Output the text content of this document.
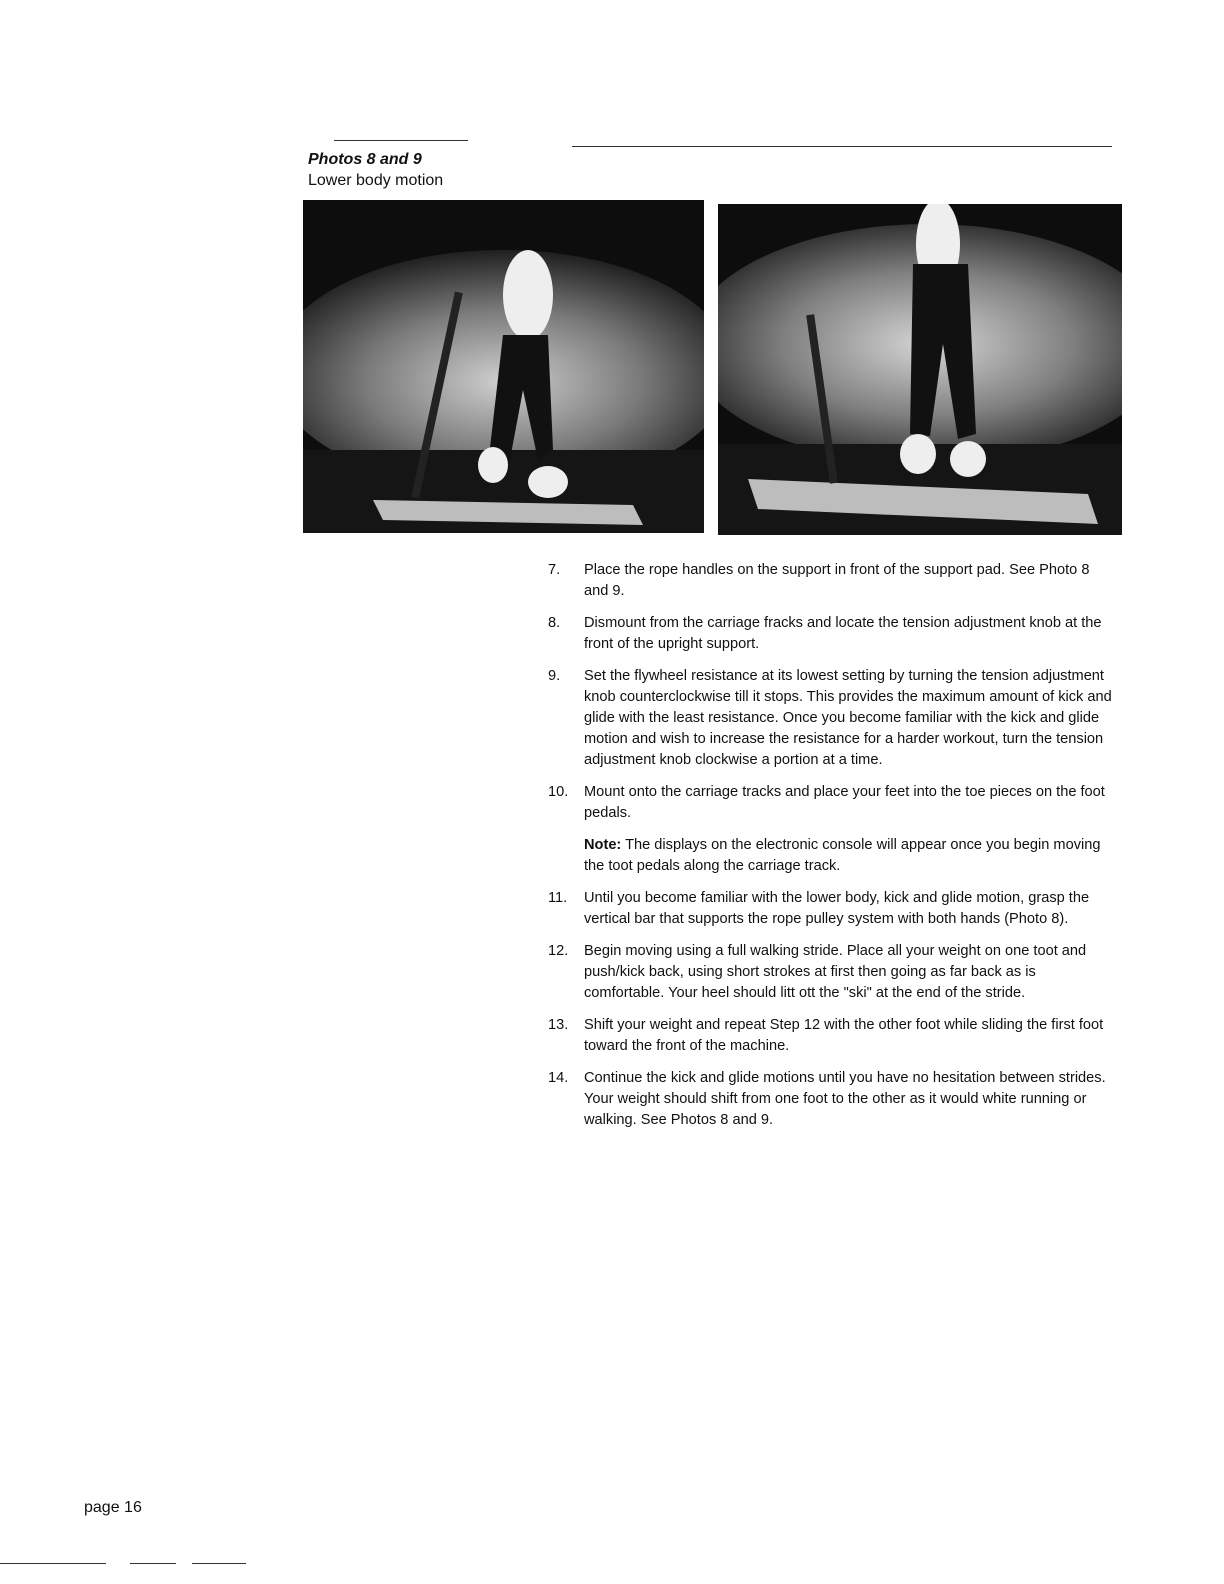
Photos 8 and 9

Lower body motion

7. Place the rope handles on the support in front of the support pad. See Photo 8 and 9.
8. Dismount from the carriage fracks and locate the tension adjustment knob at the front of the upright support.
9. Set the flywheel resistance at its lowest setting by turning the tension adjustment knob counterclockwise till it stops. This provides the maximum amount of kick and glide with the least resistance. Once you become familiar with the kick and glide motion and wish to increase the resistance for a harder workout, turn the tension adjustment knob clockwise a portion at a time.
10. Mount onto the carriage tracks and place your feet into the toe pieces on the foot pedals.
Note: The displays on the electronic console will appear once you begin moving the toot pedals along the carriage track.
11. Until you become familiar with the lower body, kick and glide motion, grasp the vertical bar that supports the rope pulley system with both hands (Photo 8).
12. Begin moving using a full walking stride. Place all your weight on one toot and push/kick back, using short strokes at first then going as far back as is comfortable. Your heel should litt ott the "ski" at the end of the stride.
13. Shift your weight and repeat Step 12 with the other foot while sliding the first foot toward the front of the machine.
14. Continue the kick and glide motions until you have no hesitation between strides. Your weight should shift from one foot to the other as it would white running or walking. See Photos 8 and 9.
page 16
